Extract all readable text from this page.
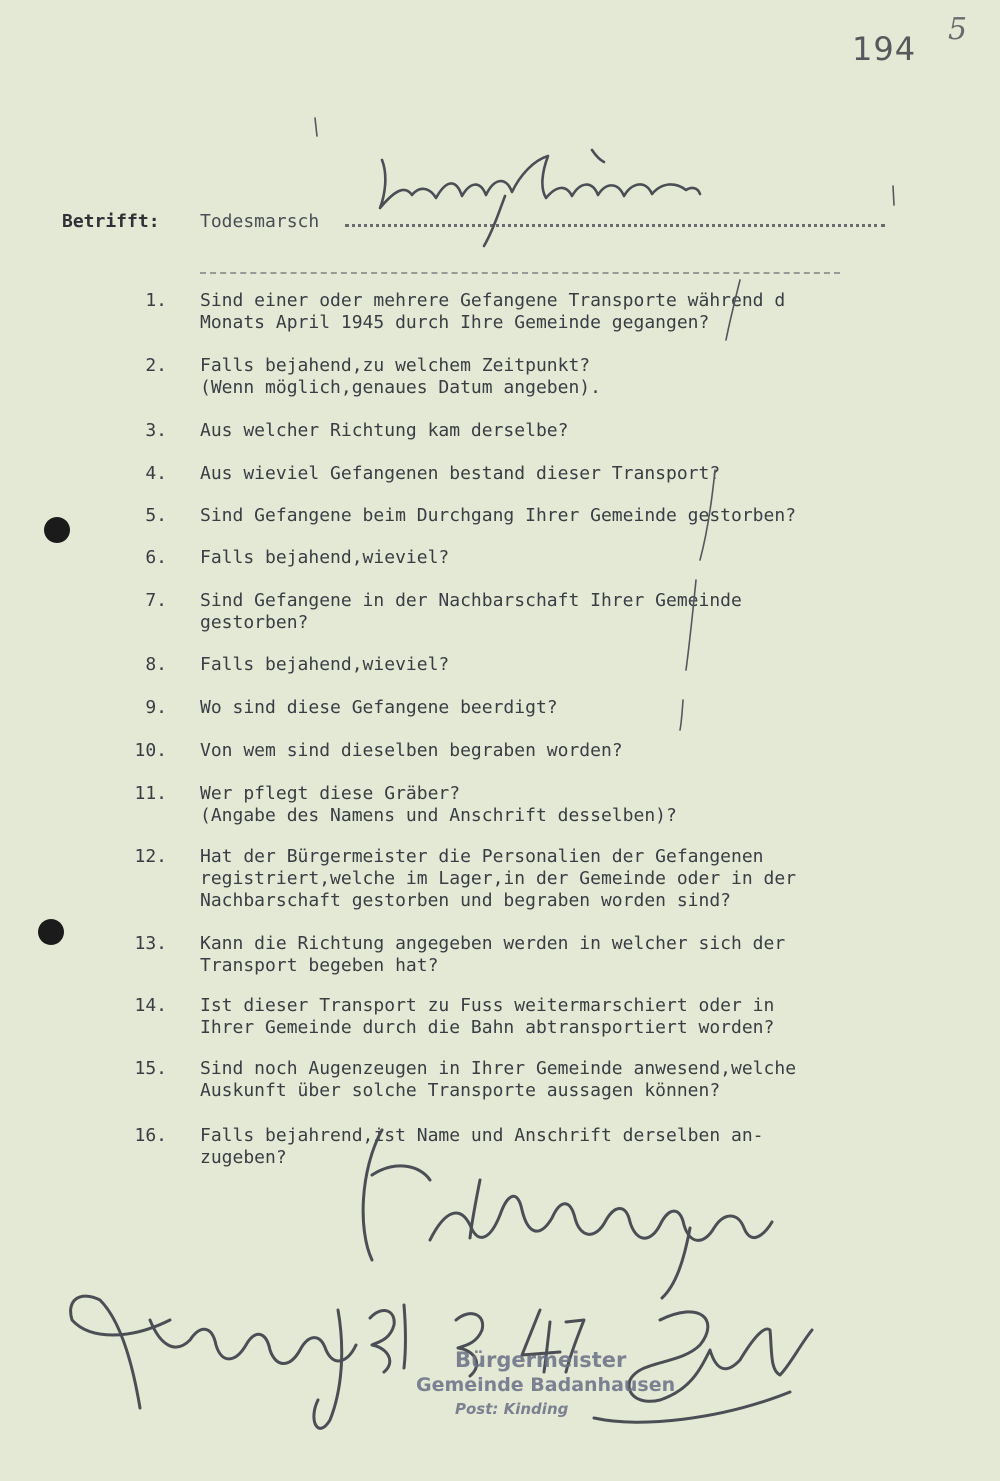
194
5
Betrifft: Todesmarsch
1. Sind einer oder mehrere Gefangene Transporte während d
Monats April 1945 durch Ihre Gemeinde gegangen?
2. Falls bejahend,zu welchem Zeitpunkt?
(Wenn möglich,genaues Datum angeben).
3. Aus welcher Richtung kam derselbe?
4. Aus wieviel Gefangenen bestand dieser Transport?
5. Sind Gefangene beim Durchgang Ihrer Gemeinde gestorben?
6. Falls bejahend,wieviel?
7. Sind Gefangene in der Nachbarschaft Ihrer Gemeinde
gestorben?
8. Falls bejahend,wieviel?
9. Wo sind diese Gefangene beerdigt?
10. Von wem sind dieselben begraben worden?
11. Wer pflegt diese Gräber?
(Angabe des Namens und Anschrift desselben)?
12. Hat der Bürgermeister die Personalien der Gefangenen
registriert,welche im Lager,in der Gemeinde oder in der
Nachbarschaft gestorben und begraben worden sind?
13. Kann die Richtung angegeben werden in welcher sich der
Transport begeben hat?
14. Ist dieser Transport zu Fuss weitermarschiert oder in
Ihrer Gemeinde durch die Bahn abtransportiert worden?
15. Sind noch Augenzeugen in Ihrer Gemeinde anwesend,welche
Auskunft über solche Transporte aussagen können?
16. Falls bejahrend,ist Name und Anschrift derselben an-
zugeben?
Bürgermeister
Gemeinde Badanhausen
Post: Kinding
